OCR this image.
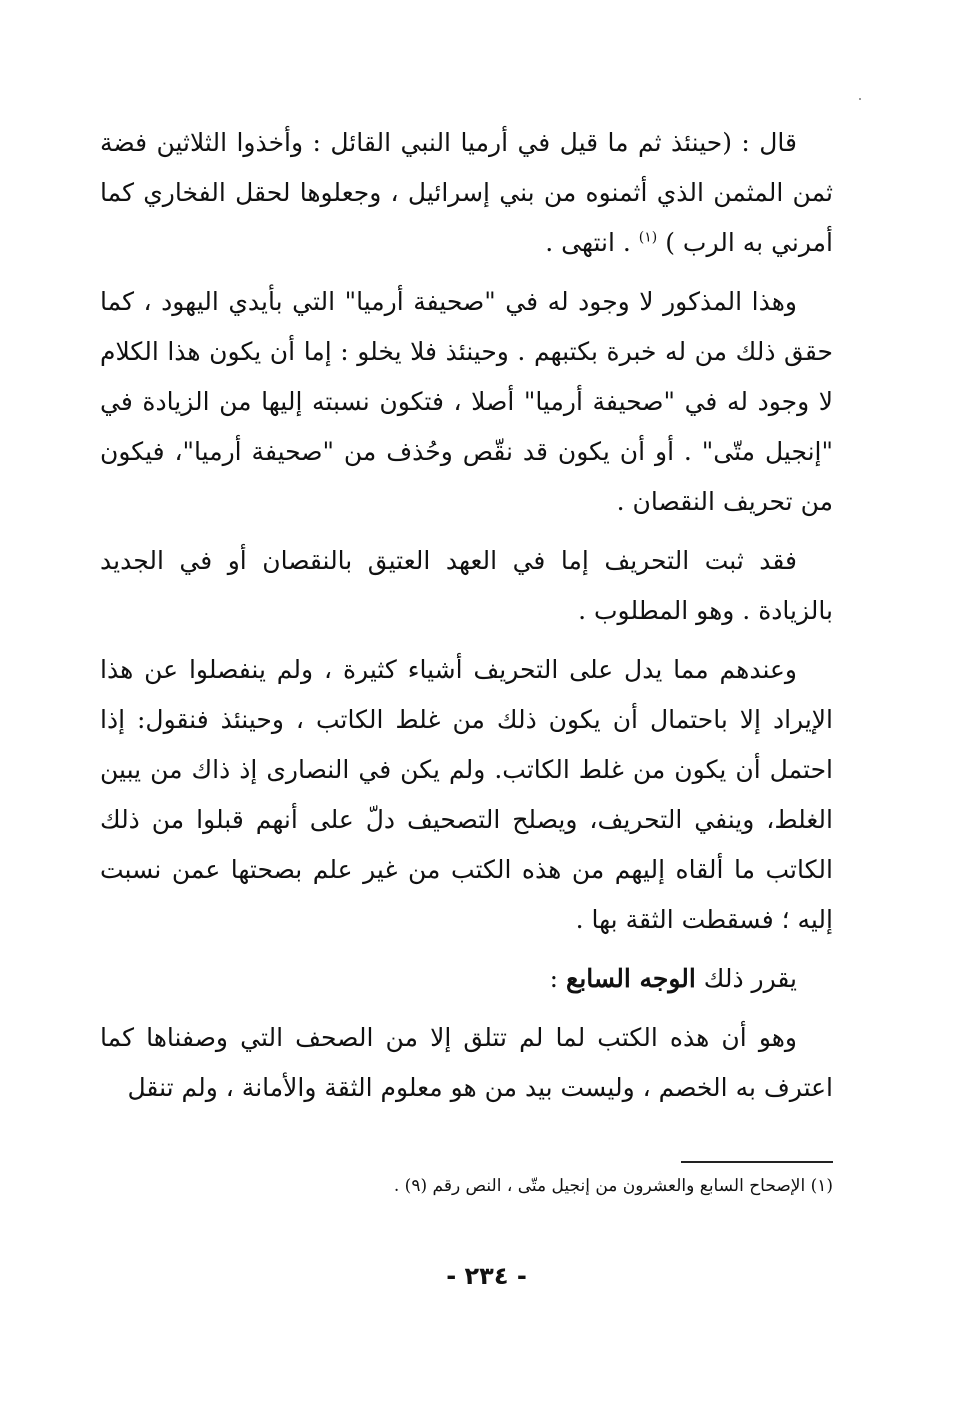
قال : (حينئذ ثم ما قيل في أرميا النبي القائل : وأخذوا الثلاثين فضة ثمن المثمن الذي أثمنوه من بني إسرائيل ، وجعلوها لحقل الفخاري كما أمرني به الرب ) $^{(١)}$ . انتهى .

وهذا المذكور لا وجود له في "صحيفة أرميا" التي بأيدي اليهود ، كما حقق ذلك من له خبرة بكتبهم . وحينئذ فلا يخلو : إما أن يكون هذا الكلام لا وجود له في "صحيفة أرميا" أصلا ، فتكون نسبته إليها من الزيادة في "إنجيل متّى" . أو أن يكون قد نقّص وحُذف من "صحيفة أرميا"، فيكون من تحريف النقصان .

فقد ثبت التحريف إما في العهد العتيق بالنقصان أو في الجديد بالزيادة . وهو المطلوب .

وعندهم مما يدل على التحريف أشياء كثيرة ، ولم ينفصلوا عن هذا الإيراد إلا باحتمال أن يكون ذلك من غلط الكاتب ، وحينئذ فنقول: إذا احتمل أن يكون من غلط الكاتب. ولم يكن في النصارى إذ ذاك من يبين الغلط، وينفي التحريف، ويصلح التصحيف دلّ على أنهم قبلوا من ذلك الكاتب ما ألقاه إليهم من هذه الكتب من غير علم بصحتها عمن نسبت إليه ؛ فسقطت الثقة بها .

يقرر ذلك الوجه السابع :

وهو أن هذه الكتب لما لم تتلق إلا من الصحف التي وصفناها كما اعترف به الخصم ، وليست بيد من هو معلوم الثقة والأمانة ، ولم تنقل

(١) الإصحاح السابع والعشرون من إنجيل متّى ، النص رقم (٩) .
- ٢٣٤ -
